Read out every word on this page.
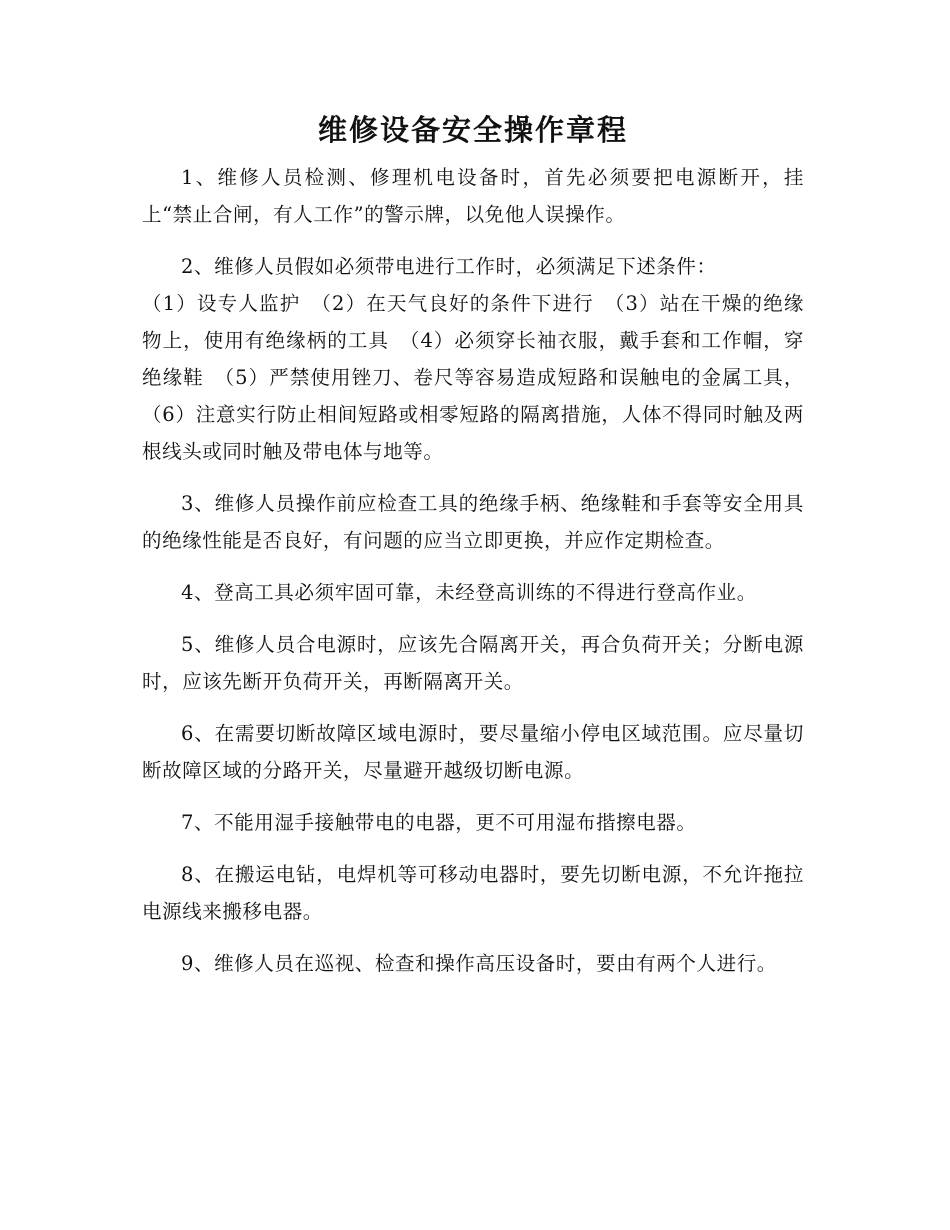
维修设备安全操作章程

1、维修人员检测、修理机电设备时，首先必须要把电源断开，挂上“禁止合闸，有人工作”的警示牌，以免他人误操作。

2、维修人员假如必须带电进行工作时，必须满足下述条件：

（1）设专人监护　（2）在天气良好的条件下进行　（3）站在干燥的绝缘物上，使用有绝缘柄的工具　（4）必须穿长袖衣服，戴手套和工作帽，穿绝缘鞋　（5）严禁使用锉刀、卷尺等容易造成短路和误触电的金属工具，（6）注意实行防止相间短路或相零短路的隔离措施，人体不得同时触及两根线头或同时触及带电体与地等。

3、维修人员操作前应检查工具的绝缘手柄、绝缘鞋和手套等安全用具的绝缘性能是否良好，有问题的应当立即更换，并应作定期检查。

4、登高工具必须牢固可靠，未经登高训练的不得进行登高作业。

5、维修人员合电源时，应该先合隔离开关，再合负荷开关；分断电源时，应该先断开负荷开关，再断隔离开关。

6、在需要切断故障区域电源时，要尽量缩小停电区域范围。应尽量切断故障区域的分路开关，尽量避开越级切断电源。

7、不能用湿手接触带电的电器，更不可用湿布揩擦电器。

8、在搬运电钻，电焊机等可移动电器时，要先切断电源，不允许拖拉电源线来搬移电器。

9、维修人员在巡视、检查和操作高压设备时，要由有两个人进行。
